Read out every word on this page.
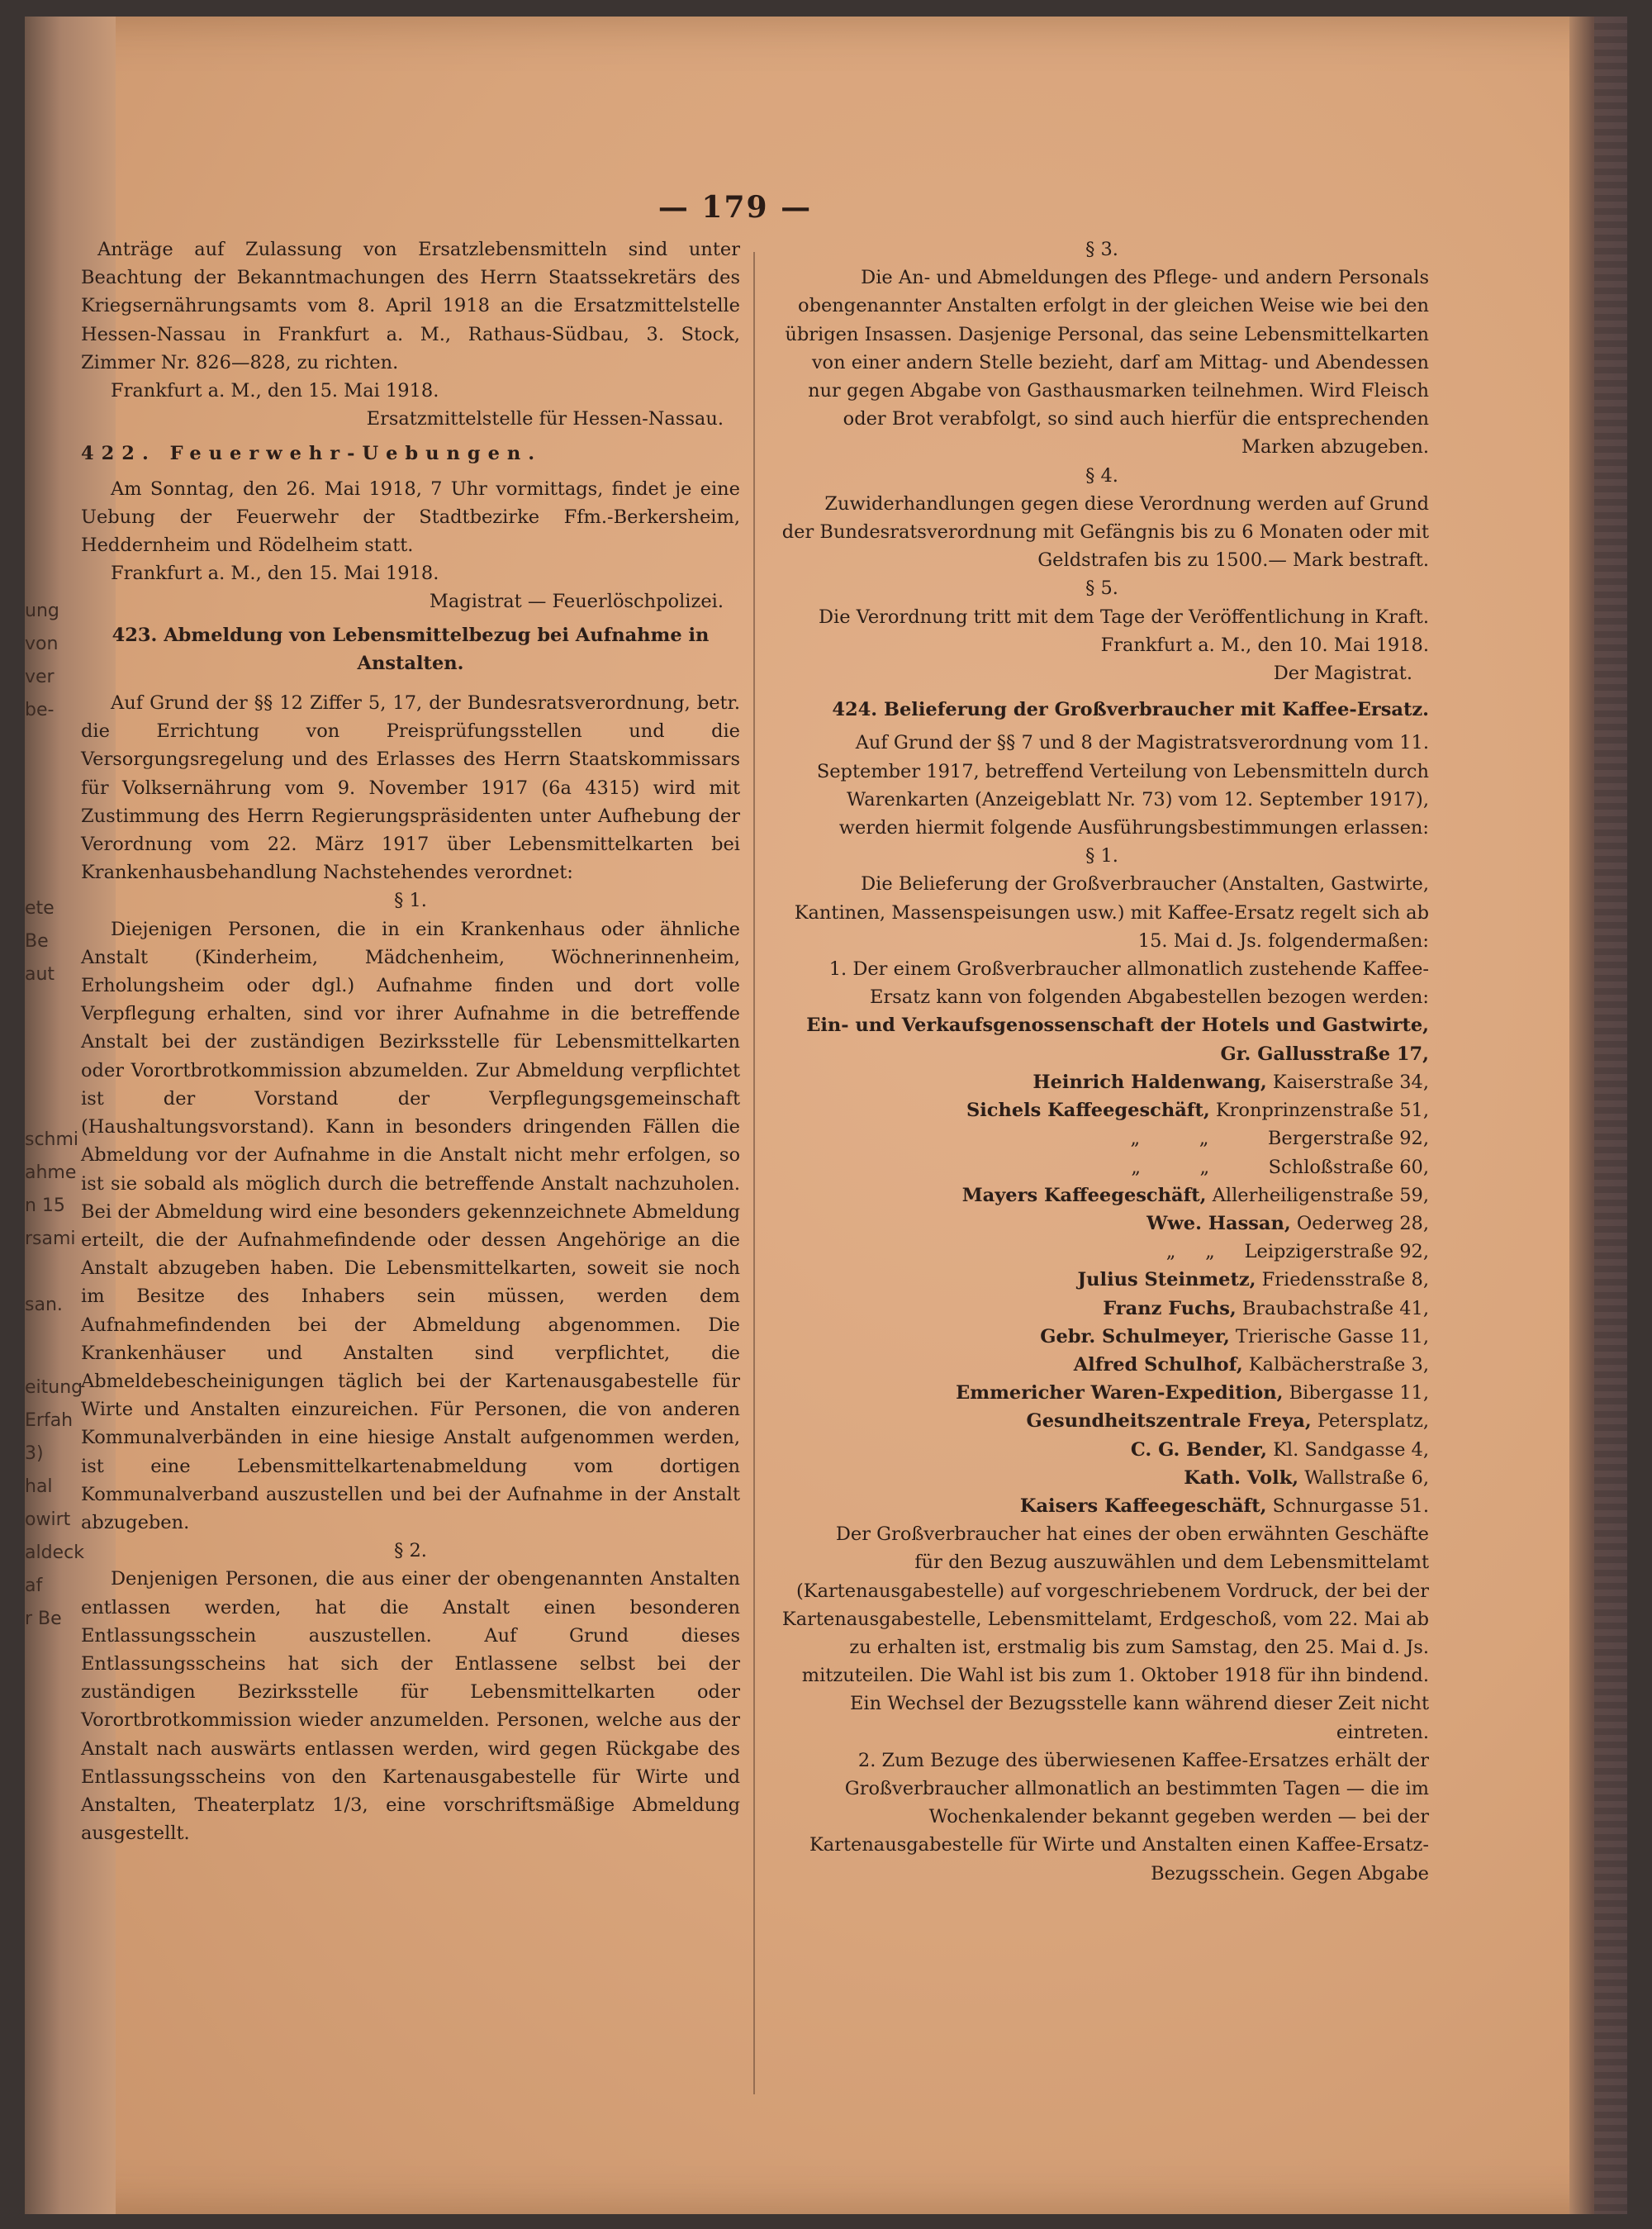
ung
von
ver
be-
ete
Be
aut
schmi
ahme
n 15
rsami
san.
eitung
Erfah
3) hal
owirt
aldeck
af
r Be
— 179 —

Anträge auf Zulassung von Ersatzlebensmitteln sind unter Beachtung der Bekanntmachungen des Herrn Staatssekretärs des Kriegsernährungsamts vom 8. April 1918 an die Ersatzmittelstelle Hessen-Nassau in Frankfurt a. M., Rathaus-Südbau, 3. Stock, Zimmer Nr. 826—828, zu richten.

Frankfurt a. M., den 15. Mai 1918.

Ersatzmittelstelle für Hessen-Nassau.

422. Feuerwehr-Uebungen.

Am Sonntag, den 26. Mai 1918, 7 Uhr vormittags, findet je eine Uebung der Feuerwehr der Stadtbezirke Ffm.-Berkersheim, Heddernheim und Rödelheim statt.

Frankfurt a. M., den 15. Mai 1918.

Magistrat — Feuerlöschpolizei.

423. Abmeldung von Lebensmittelbezug bei Aufnahme in Anstalten.

Auf Grund der §§ 12 Ziffer 5, 17, der Bundesratsverordnung, betr. die Errichtung von Preisprüfungsstellen und die Versorgungsregelung und des Erlasses des Herrn Staatskommissars für Volksernährung vom 9. November 1917 (6a 4315) wird mit Zustimmung des Herrn Regierungspräsidenten unter Aufhebung der Verordnung vom 22. März 1917 über Lebensmittelkarten bei Krankenhausbehandlung Nachstehendes verordnet:

§ 1.

Diejenigen Personen, die in ein Krankenhaus oder ähnliche Anstalt (Kinderheim, Mädchenheim, Wöchnerinnenheim, Erholungsheim oder dgl.) Aufnahme finden und dort volle Verpflegung erhalten, sind vor ihrer Aufnahme in die betreffende Anstalt bei der zuständigen Bezirksstelle für Lebensmittelkarten oder Vorortbrotkommission abzumelden. Zur Abmeldung verpflichtet ist der Vorstand der Verpflegungsgemeinschaft (Haushaltungsvorstand). Kann in besonders dringenden Fällen die Abmeldung vor der Aufnahme in die Anstalt nicht mehr erfolgen, so ist sie sobald als möglich durch die betreffende Anstalt nachzuholen. Bei der Abmeldung wird eine besonders gekennzeichnete Abmeldung erteilt, die der Aufnahmefindende oder dessen Angehörige an die Anstalt abzugeben haben. Die Lebensmittelkarten, soweit sie noch im Besitze des Inhabers sein müssen, werden dem Aufnahmefindenden bei der Abmeldung abgenommen. Die Krankenhäuser und Anstalten sind verpflichtet, die Abmeldebescheinigungen täglich bei der Kartenausgabestelle für Wirte und Anstalten einzureichen. Für Personen, die von anderen Kommunalverbänden in eine hiesige Anstalt aufgenommen werden, ist eine Lebensmittelkartenabmeldung vom dortigen Kommunalverband auszustellen und bei der Aufnahme in der Anstalt abzugeben.

§ 2.

Denjenigen Personen, die aus einer der obengenannten Anstalten entlassen werden, hat die Anstalt einen besonderen Entlassungsschein auszustellen. Auf Grund dieses Entlassungsscheins hat sich der Entlassene selbst bei der zuständigen Bezirksstelle für Lebensmittelkarten oder Vorortbrotkommission wieder anzumelden. Personen, welche aus der Anstalt nach auswärts entlassen werden, wird gegen Rückgabe des Entlassungsscheins von den Kartenausgabestelle für Wirte und Anstalten, Theaterplatz 1/3, eine vorschriftsmäßige Abmeldung ausgestellt.

§ 3.

Die An- und Abmeldungen des Pflege- und andern Personals obengenannter Anstalten erfolgt in der gleichen Weise wie bei den übrigen Insassen. Dasjenige Personal, das seine Lebensmittelkarten von einer andern Stelle bezieht, darf am Mittag- und Abendessen nur gegen Abgabe von Gasthausmarken teilnehmen. Wird Fleisch oder Brot verabfolgt, so sind auch hierfür die entsprechenden Marken abzugeben.

§ 4.

Zuwiderhandlungen gegen diese Verordnung werden auf Grund der Bundesratsverordnung mit Gefängnis bis zu 6 Monaten oder mit Geldstrafen bis zu 1500.— Mark bestraft.

§ 5.

Die Verordnung tritt mit dem Tage der Veröffentlichung in Kraft. Frankfurt a. M., den 10. Mai 1918.

Der Magistrat.

424. Belieferung der Großverbraucher mit Kaffee-Ersatz.

Auf Grund der §§ 7 und 8 der Magistratsverordnung vom 11. September 1917, betreffend Verteilung von Lebensmitteln durch Warenkarten (Anzeigeblatt Nr. 73) vom 12. September 1917), werden hiermit folgende Ausführungsbestimmungen erlassen:

§ 1.

Die Belieferung der Großverbraucher (Anstalten, Gastwirte, Kantinen, Massenspeisungen usw.) mit Kaffee-Ersatz regelt sich ab 15. Mai d. Js. folgendermaßen:

1. Der einem Großverbraucher allmonatlich zustehende Kaffee-Ersatz kann von folgenden Abgabestellen bezogen werden:

Ein- und Verkaufsgenossenschaft der Hotels und Gastwirte, Gr. Gallusstraße 17,

Heinrich Haldenwang, Kaiserstraße 34,

Sichels Kaffeegeschäft, Kronprinzenstraße 51,

„          „          Bergerstraße 92,

„          „          Schloßstraße 60,

Mayers Kaffeegeschäft, Allerheiligenstraße 59,

Wwe. Hassan, Oederweg 28,

„     „     Leipzigerstraße 92,

Julius Steinmetz, Friedensstraße 8,

Franz Fuchs, Braubachstraße 41,

Gebr. Schulmeyer, Trierische Gasse 11,

Alfred Schulhof, Kalbächerstraße 3,

Emmericher Waren-Expedition, Bibergasse 11,

Gesundheitszentrale Freya, Petersplatz,

C. G. Bender, Kl. Sandgasse 4,

Kath. Volk, Wallstraße 6,

Kaisers Kaffeegeschäft, Schnurgasse 51.

Der Großverbraucher hat eines der oben erwähnten Geschäfte für den Bezug auszuwählen und dem Lebensmittelamt (Kartenausgabestelle) auf vorgeschriebenem Vordruck, der bei der Kartenausgabestelle, Lebensmittelamt, Erdgeschoß, vom 22. Mai ab zu erhalten ist, erstmalig bis zum Samstag, den 25. Mai d. Js. mitzuteilen. Die Wahl ist bis zum 1. Oktober 1918 für ihn bindend. Ein Wechsel der Bezugsstelle kann während dieser Zeit nicht eintreten.

2. Zum Bezuge des überwiesenen Kaffee-Ersatzes erhält der Großverbraucher allmonatlich an bestimmten Tagen — die im Wochenkalender bekannt gegeben werden — bei der Kartenausgabestelle für Wirte und Anstalten einen Kaffee-Ersatz-Bezugsschein. Gegen Abgabe
